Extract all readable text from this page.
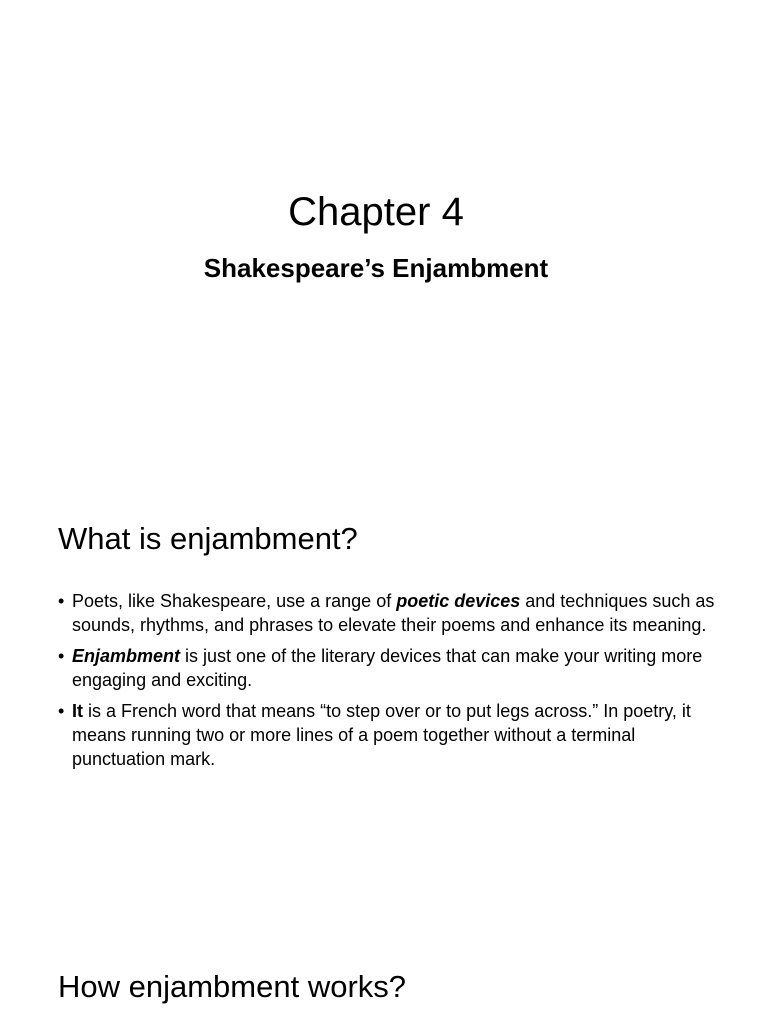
Chapter 4
Shakespeare’s Enjambment
What is enjambment?
• Poets, like Shakespeare, use a range of poetic devices and techniques such as sounds, rhythms, and phrases to elevate their poems and enhance its meaning.
• Enjambment is just one of the literary devices that can make your writing more engaging and exciting.
• It is a French word that means “to step over or to put legs across.” In poetry, it means running two or more lines of a poem together without a terminal punctuation mark.
How enjambment works?
